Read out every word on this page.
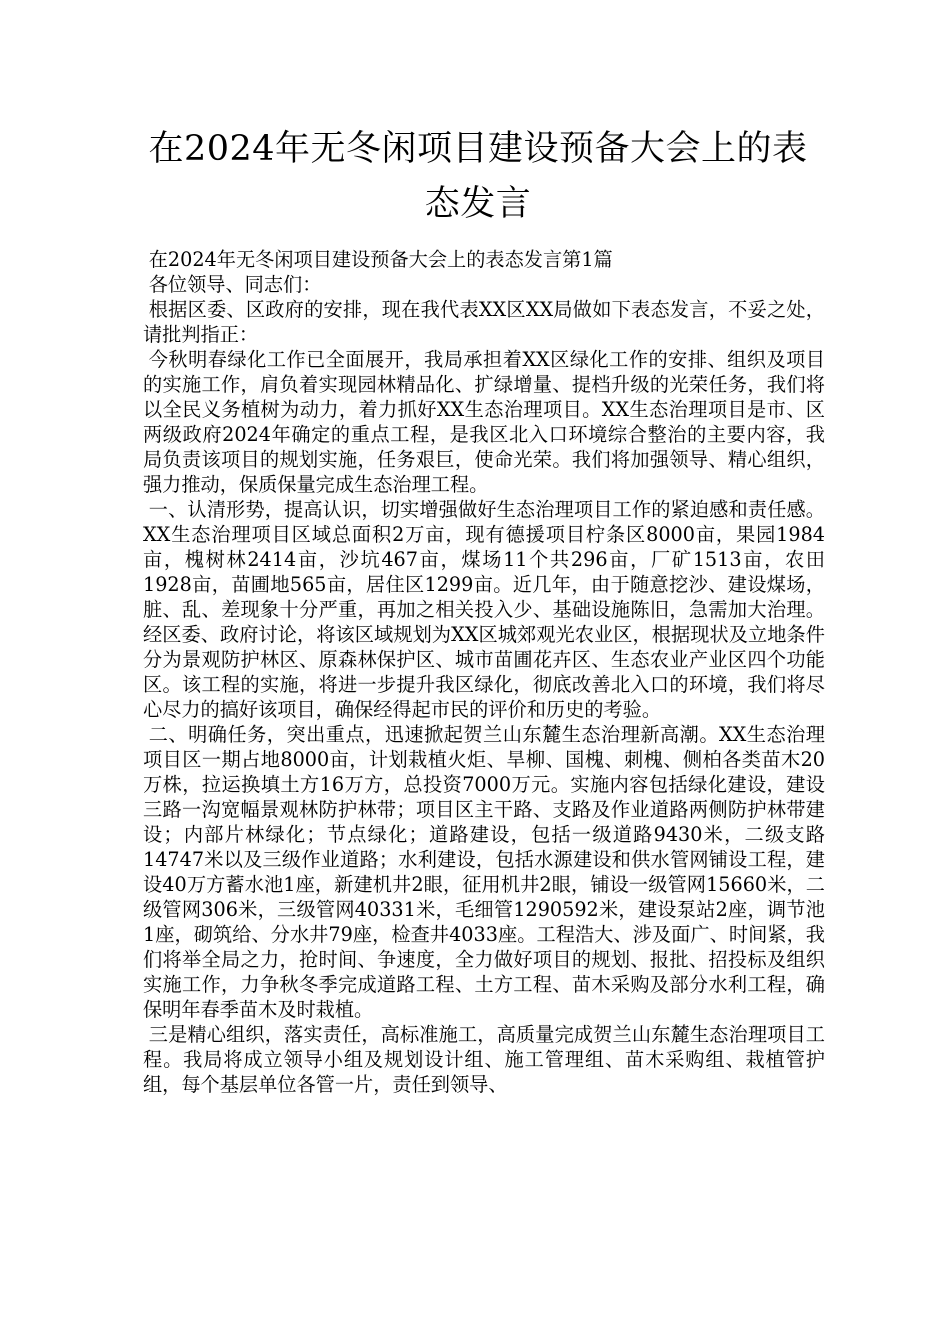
在2024年无冬闲项目建设预备大会上的表态发言

在2024年无冬闲项目建设预备大会上的表态发言第1篇

各位领导、同志们：

根据区委、区政府的安排，现在我代表XX区XX局做如下表态发言，不妥之处，请批判指正：

今秋明春绿化工作已全面展开，我局承担着XX区绿化工作的安排、组织及项目的实施工作，肩负着实现园林精品化、扩绿增量、提档升级的光荣任务，我们将以全民义务植树为动力，着力抓好XX生态治理项目。XX生态治理项目是市、区两级政府2024年确定的重点工程，是我区北入口环境综合整治的主要内容，我局负责该项目的规划实施，任务艰巨，使命光荣。我们将加强领导、精心组织，强力推动，保质保量完成生态治理工程。

一、认清形势，提高认识，切实增强做好生态治理项目工作的紧迫感和责任感。XX生态治理项目区域总面积2万亩，现有德援项目柠条区8000亩，果园1984亩，槐树林2414亩，沙坑467亩，煤场11个共296亩，厂矿1513亩，农田1928亩，苗圃地565亩，居住区1299亩。近几年，由于随意挖沙、建设煤场，脏、乱、差现象十分严重，再加之相关投入少、基础设施陈旧，急需加大治理。经区委、政府讨论，将该区域规划为XX区城郊观光农业区，根据现状及立地条件分为景观防护林区、原森林保护区、城市苗圃花卉区、生态农业产业区四个功能区。该工程的实施，将进一步提升我区绿化，彻底改善北入口的环境，我们将尽心尽力的搞好该项目，确保经得起市民的评价和历史的考验。

二、明确任务，突出重点，迅速掀起贺兰山东麓生态治理新高潮。XX生态治理项目区一期占地8000亩，计划栽植火炬、旱柳、国槐、刺槐、侧柏各类苗木20万株，拉运换填土方16万方，总投资7000万元。实施内容包括绿化建设，建设三路一沟宽幅景观林防护林带；项目区主干路、支路及作业道路两侧防护林带建设；内部片林绿化；节点绿化；道路建设，包括一级道路9430米，二级支路14747米以及三级作业道路；水利建设，包括水源建设和供水管网铺设工程，建设40万方蓄水池1座，新建机井2眼，征用机井2眼，铺设一级管网15660米，二级管网306米，三级管网40331米，毛细管1290592米，建设泵站2座，调节池1座，砌筑给、分水井79座，检查井4033座。工程浩大、涉及面广、时间紧，我们将举全局之力，抢时间、争速度，全力做好项目的规划、报批、招投标及组织实施工作，力争秋冬季完成道路工程、土方工程、苗木采购及部分水利工程，确保明年春季苗木及时栽植。

三是精心组织，落实责任，高标准施工，高质量完成贺兰山东麓生态治理项目工程。我局将成立领导小组及规划设计组、施工管理组、苗木采购组、栽植管护组，每个基层单位各管一片，责任到领导、
